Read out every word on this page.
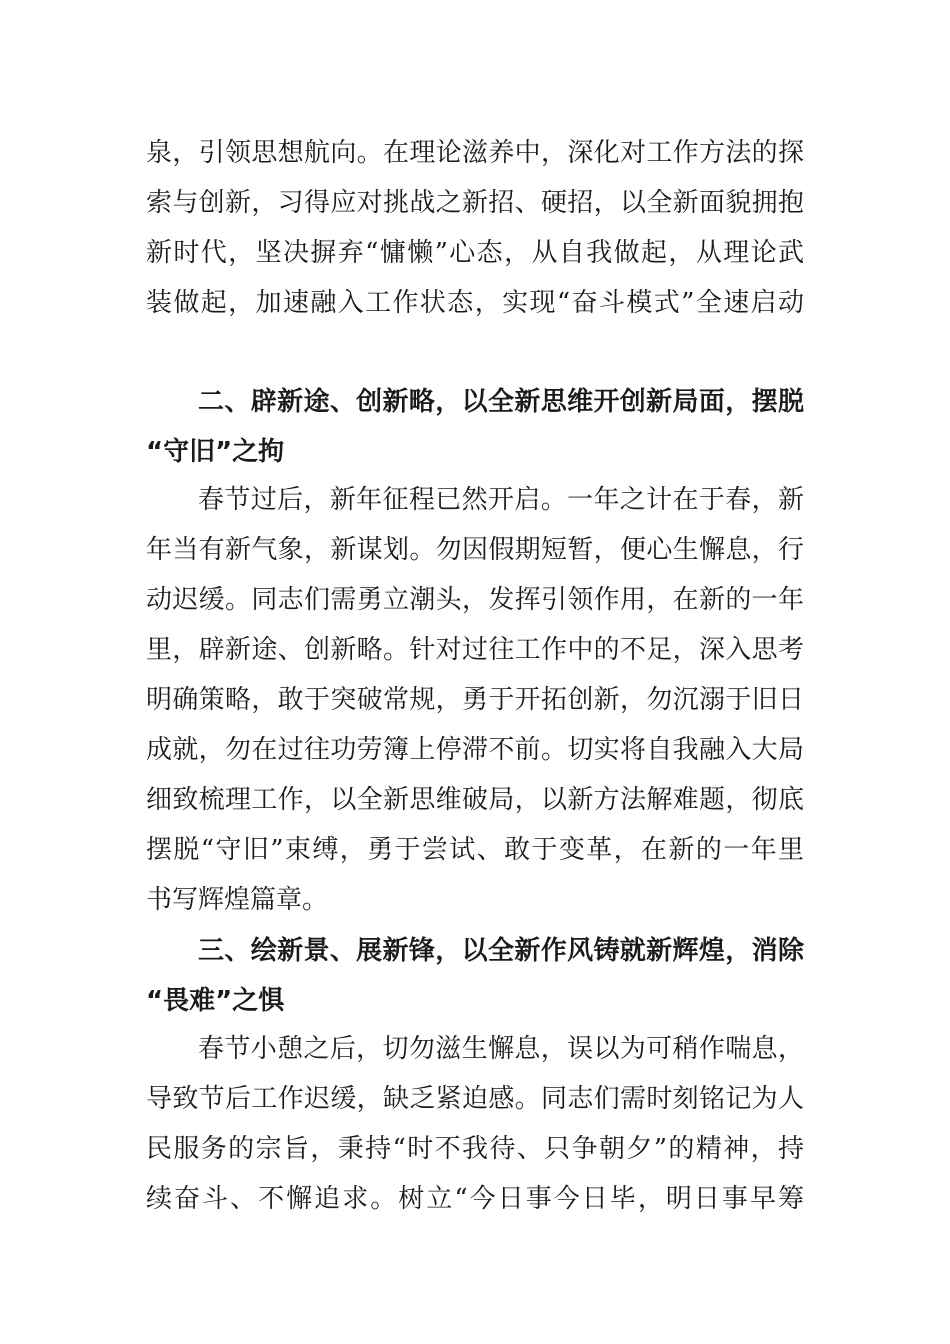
泉，引领思想航向。在理论滋养中，深化对工作方法的探
索与创新，习得应对挑战之新招、硬招，以全新面貌拥抱
新时代，坚决摒弃“慵懒”心态，从自我做起，从理论武
装做起，加速融入工作状态，实现“奋斗模式”全速启动
二、辟新途、创新略，以全新思维开创新局面，摆脱
“守旧”之拘
春节过后，新年征程已然开启。一年之计在于春，新
年当有新气象，新谋划。勿因假期短暂，便心生懈息，行
动迟缓。同志们需勇立潮头，发挥引领作用，在新的一年
里，辟新途、创新略。针对过往工作中的不足，深入思考
明确策略，敢于突破常规，勇于开拓创新，勿沉溺于旧日
成就，勿在过往功劳簿上停滞不前。切实将自我融入大局
细致梳理工作，以全新思维破局，以新方法解难题，彻底
摆脱“守旧”束缚，勇于尝试、敢于变革，在新的一年里
书写辉煌篇章。
三、绘新景、展新锋，以全新作风铸就新辉煌，消除
“畏难”之惧
春节小憩之后，切勿滋生懈息，误以为可稍作喘息，
导致节后工作迟缓，缺乏紧迫感。同志们需时刻铭记为人
民服务的宗旨，秉持“时不我待、只争朝夕”的精神，持
续奋斗、不懈追求。树立“今日事今日毕，明日事早筹
